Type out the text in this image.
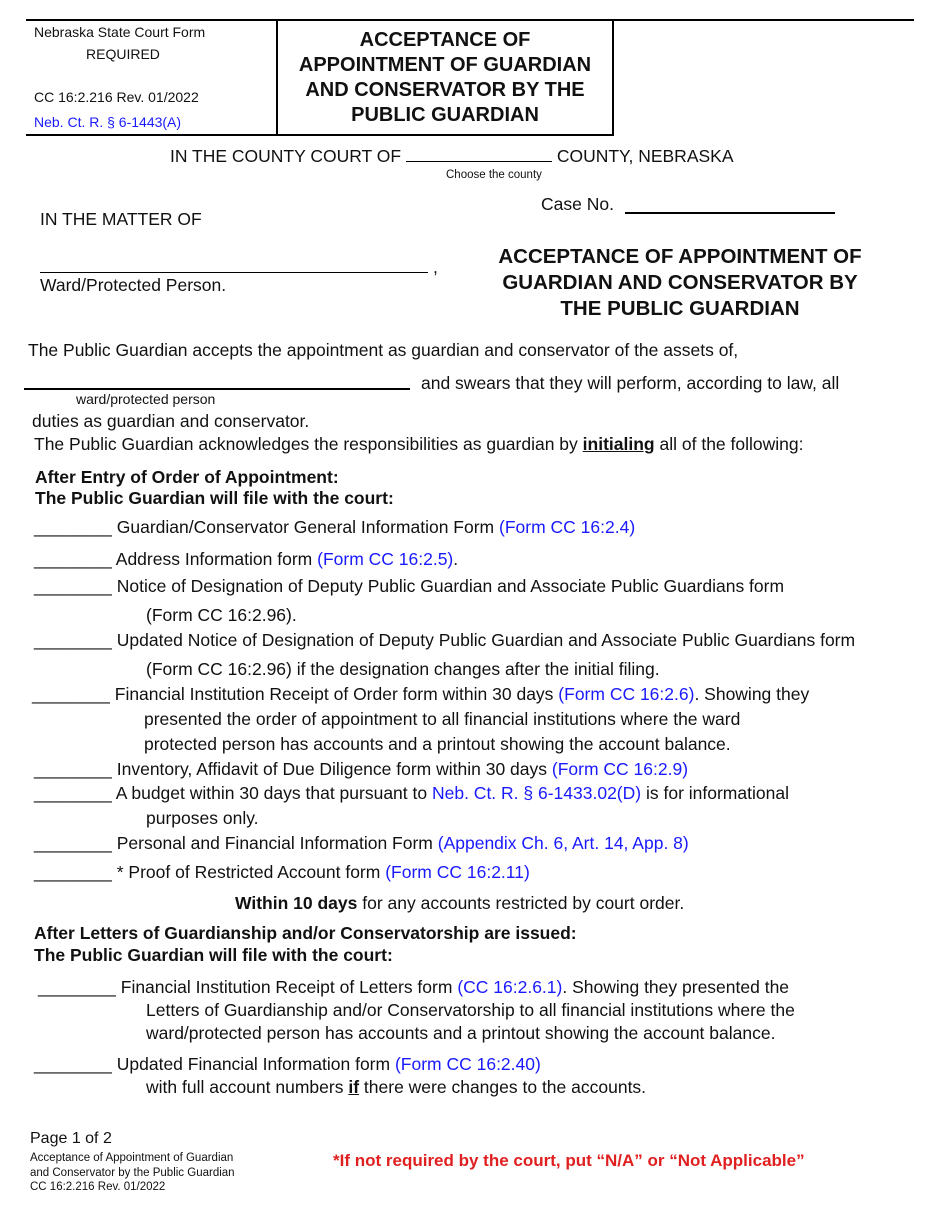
Nebraska State Court Form
REQUIRED
CC 16:2.216 Rev. 01/2022
Neb. Ct. R. § 6-1443(A)
ACCEPTANCE OF
APPOINTMENT OF GUARDIAN
AND CONSERVATOR BY THE
PUBLIC GUARDIAN
IN THE COUNTY COURT OF	COUNTY, NEBRASKA
Choose the county
Case No.
IN THE MATTER OF
,
Ward/Protected Person.
ACCEPTANCE OF APPOINTMENT OF
GUARDIAN AND CONSERVATOR BY
THE PUBLIC GUARDIAN
The Public Guardian accepts the appointment as guardian and conservator of the assets of,
and swears that they will perform, according to law, all
ward/protected person
duties as guardian and conservator.
The Public Guardian acknowledges the responsibilities as guardian by initialing all of the following:
After Entry of Order of Appointment:
The Public Guardian will file with the court:
________ Guardian/Conservator General Information Form (Form CC 16:2.4)
________ Address Information form (Form CC 16:2.5).
________ Notice of Designation of Deputy Public Guardian and Associate Public Guardians form
(Form CC 16:2.96).
________ Updated Notice of Designation of Deputy Public Guardian and Associate Public Guardians form
(Form CC 16:2.96) if the designation changes after the initial filing.
________ Financial Institution Receipt of Order form within 30 days (Form CC 16:2.6). Showing they
presented the order of appointment to all financial institutions where the ward
protected person has accounts and a printout showing the account balance.
________ Inventory, Affidavit of Due Diligence form within 30 days (Form CC 16:2.9)
________ A budget within 30 days that pursuant to Neb. Ct. R. § 6-1433.02(D) is for informational
purposes only.
________ Personal and Financial Information Form (Appendix Ch. 6, Art. 14, App. 8)
________ * Proof of Restricted Account form (Form CC 16:2.11)
Within 10 days for any accounts restricted by court order.
After Letters of Guardianship and/or Conservatorship are issued:
The Public Guardian will file with the court:
________ Financial Institution Receipt of Letters form (CC 16:2.6.1). Showing they presented the
Letters of Guardianship and/or Conservatorship to all financial institutions where the
ward/protected person has accounts and a printout showing the account balance.
________ Updated Financial Information form (Form CC 16:2.40)
with full account numbers if there were changes to the accounts.
Page 1 of 2
Acceptance of Appointment of Guardian
and Conservator by the Public Guardian
CC 16:2.216 Rev. 01/2022
*If not required by the court, put “N/A” or “Not Applicable”
